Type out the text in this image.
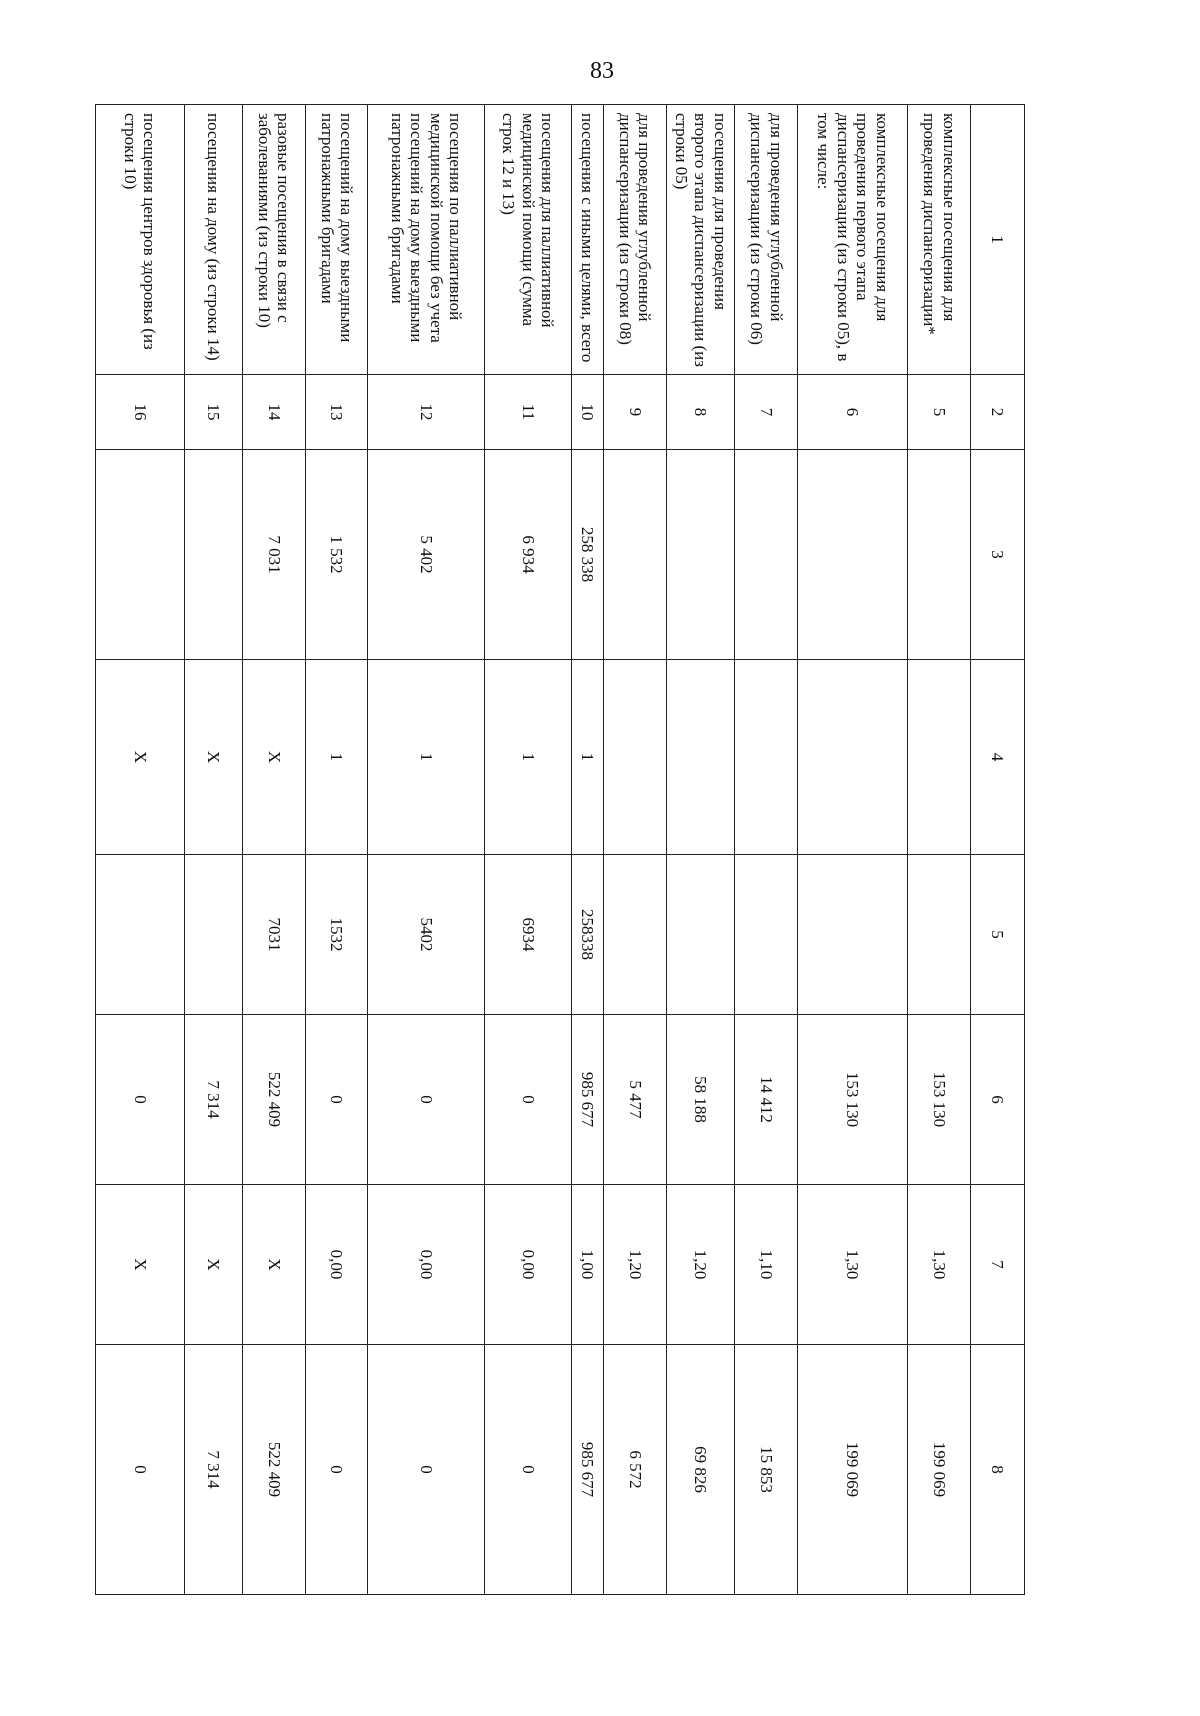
83
1	2	3	4	5	6	7	8
комплексные посещения для проведения диспансеризации*	5				153 130	1,30	199 069
комплексные посещения для проведения первого этапа диспансеризации (из строки 05), в том числе:	6				153 130	1,30	199 069
для проведения углубленной диспансеризации (из строки 06)	7				14 412	1,10	15 853
посещения для проведения второго этапа диспансеризации (из строки 05)	8				58 188	1,20	69 826
для проведения углубленной диспансеризации (из строки 08)	9				5 477	1,20	6 572
посещения с иными целями, всего	10	258 338	1	258338	985 677	1,00	985 677
посещения для паллиативной медицинской помощи (сумма строк 12 и 13)	11	6 934	1	6934	0	0,00	0
посещения по паллиативной медицинской помощи без учета посещений на дому выездными патронажными бригадами	12	5 402	1	5402	0	0,00	0
посещений на дому выездными патронажными бригадами	13	1 532	1	1532	0	0,00	0
разовые посещения в связи с заболеваниями (из строки 10)	14	7 031	Х	7031	522 409	Х	522 409
посещения на дому (из строки 14)	15		Х		7 314	Х	7 314
посещения центров здоровья (из строки 10)	16		Х		0	Х	0
